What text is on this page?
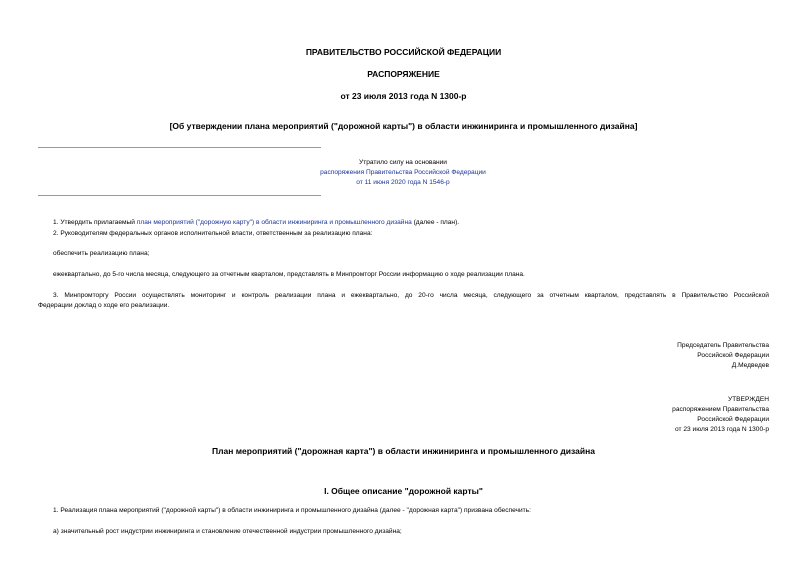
ПРАВИТЕЛЬСТВО РОССИЙСКОЙ ФЕДЕРАЦИИ
РАСПОРЯЖЕНИЕ
от 23 июля 2013 года N 1300-р
[Об утверждении плана мероприятий ("дорожной карты") в области инжиниринга и промышленного дизайна]
Утратило силу на основании
распоряжения Правительства Российской Федерации
от 11 июня 2020 года N 1546-р
1. Утвердить прилагаемый план мероприятий ("дорожную карту") в области инжиниринга и промышленного дизайна (далее - план).
2. Руководителям федеральных органов исполнительной власти, ответственным за реализацию плана:
обеспечить реализацию плана;
ежеквартально, до 5-го числа месяца, следующего за отчетным кварталом, представлять в Минпромторг России информацию о ходе реализации плана.
3. Минпромторгу России осуществлять мониторинг и контроль реализации плана и ежеквартально, до 20-го числа месяца, следующего за отчетным кварталом, представлять в Правительство Российской
Федерации доклад о ходе его реализации.
Председатель Правительства
Российской Федерации
Д.Медведев
УТВЕРЖДЕН
распоряжением Правительства
Российской Федерации
от 23 июля 2013 года N 1300-р
План мероприятий ("дорожная карта") в области инжиниринга и промышленного дизайна
I. Общее описание "дорожной карты"
1. Реализация плана мероприятий ("дорожной карты") в области инжиниринга и промышленного дизайна (далее - "дорожная карта") призвана обеспечить:
а) значительный рост индустрии инжиниринга и становление отечественной индустрии промышленного дизайна;
